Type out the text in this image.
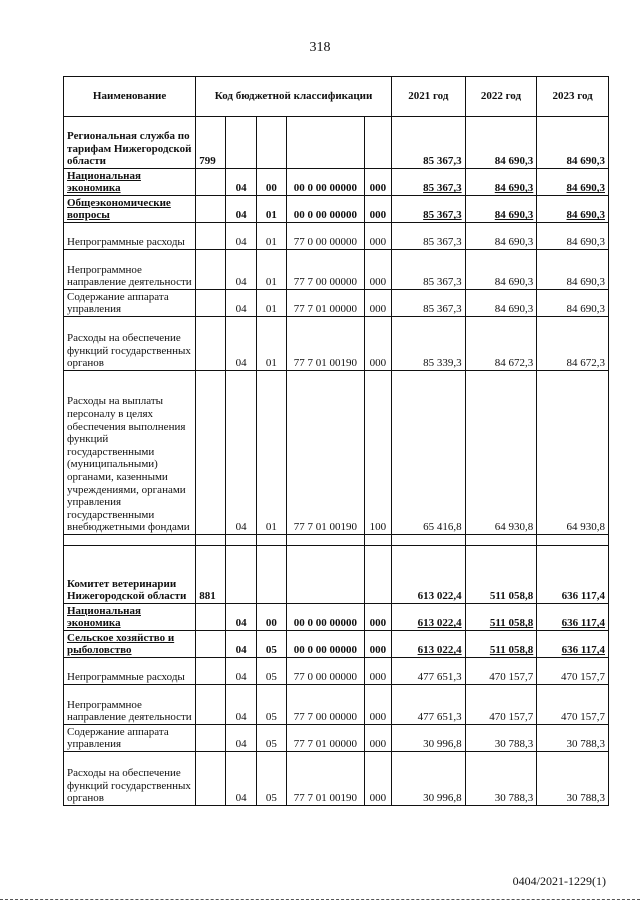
318
Наименование	Код бюджетной классификации					2021 год	2022 год	2023 год
Региональная служба по тарифам Нижегородской области	799					85 367,3	84 690,3	84 690,3
Национальная экономика		04	00	00 0 00 00000	000	85 367,3	84 690,3	84 690,3
Общеэкономические вопросы		04	01	00 0 00 00000	000	85 367,3	84 690,3	84 690,3
Непрограммные расходы		04	01	77 0 00 00000	000	85 367,3	84 690,3	84 690,3
Непрограммное направление деятельности		04	01	77 7 00 00000	000	85 367,3	84 690,3	84 690,3
Содержание аппарата управления		04	01	77 7 01 00000	000	85 367,3	84 690,3	84 690,3
Расходы на обеспечение функций государственных органов		04	01	77 7 01 00190	000	85 339,3	84 672,3	84 672,3
Расходы на выплаты персоналу в целях обеспечения выполнения функций государственными (муниципальными) органами, казенными учреждениями, органами управления государственными внебюджетными фондами		04	01	77 7 01 00190	100	65 416,8	64 930,8	64 930,8

Комитет ветеринарии Нижегородской области	881					613 022,4	511 058,8	636 117,4
Национальная экономика		04	00	00 0 00 00000	000	613 022,4	511 058,8	636 117,4
Сельское хозяйство и рыболовство		04	05	00 0 00 00000	000	613 022,4	511 058,8	636 117,4
Непрограммные расходы		04	05	77 0 00 00000	000	477 651,3	470 157,7	470 157,7
Непрограммное направление деятельности		04	05	77 7 00 00000	000	477 651,3	470 157,7	470 157,7
Содержание аппарата управления		04	05	77 7 01 00000	000	30 996,8	30 788,3	30 788,3
Расходы на обеспечение функций государственных органов		04	05	77 7 01 00190	000	30 996,8	30 788,3	30 788,3
0404/2021-1229(1)
